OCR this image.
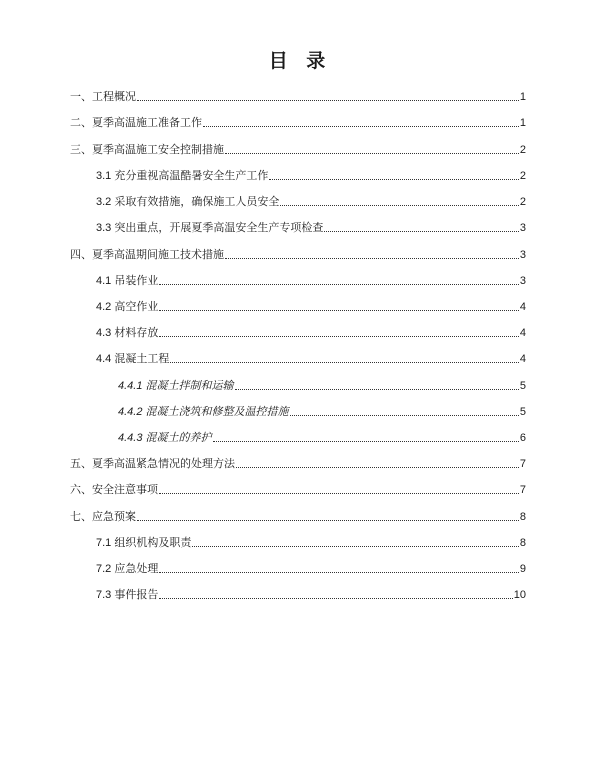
目 录
一、工程概况	1
二、夏季高温施工准备工作	1
三、夏季高温施工安全控制措施	2
3.1 充分重视高温酷暑安全生产工作	2
3.2 采取有效措施，确保施工人员安全	2
3.3 突出重点，开展夏季高温安全生产专项检查	3
四、夏季高温期间施工技术措施	3
4.1 吊装作业	3
4.2 高空作业	4
4.3 材料存放	4
4.4 混凝土工程	4
4.4.1 混凝土拌制和运输	5
4.4.2 混凝土浇筑和修整及温控措施	5
4.4.3 混凝土的养护	6
五、夏季高温紧急情况的处理方法	7
六、安全注意事项	7
七、应急预案	8
7.1 组织机构及职责	8
7.2 应急处理	9
7.3 事件报告	10
